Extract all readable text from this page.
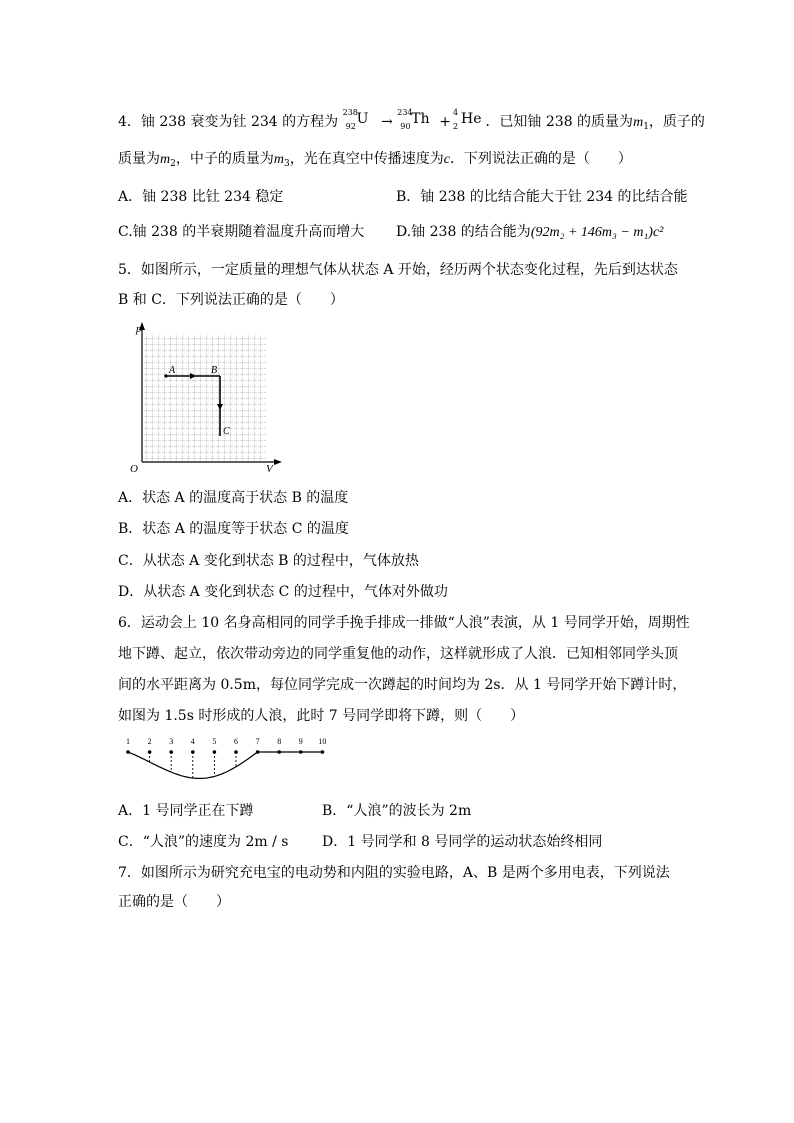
4．铀 238 衰变为钍 234 的方程为
238
92 U →
234
90 Th +
4
2 He ．已知铀 238 的质量为$m_1$，质子的
质量为$m_2$，中子的质量为$m_3$，光在真空中传播速度为c．下列说法正确的是（　　）
A．铀 238 比钍 234 稳定	B．铀 238 的比结合能大于钍 234 的比结合能
C.铀 238 的半衰期随着温度升高而增大 D.铀 238 的结合能为(92m₂ + 146m₃ − m₁)c²
5．如图所示，一定质量的理想气体从状态 A 开始，经历两个状态变化过程，先后到达状态
B 和 C．下列说法正确的是（　　）
p
V
O
A	B
C
A．状态 A 的温度高于状态 B 的温度
B．状态 A 的温度等于状态 C 的温度
C．从状态 A 变化到状态 B 的过程中，气体放热
D．从状态 A 变化到状态 C 的过程中，气体对外做功
6．运动会上 10 名身高相同的同学手挽手排成一排做“人浪”表演，从 1 号同学开始，周期性
地下蹲、起立，依次带动旁边的同学重复他的动作，这样就形成了人浪．已知相邻同学头顶
间的水平距离为 0.5m，每位同学完成一次蹲起的时间均为 2s．从 1 号同学开始下蹲计时，
如图为 1.5s 时形成的人浪，此时 7 号同学即将下蹲，则（　　）
1 2 3 4 5 6 7 8 9 10
A．1 号同学正在下蹲	B．“人浪”的波长为 2m
C．“人浪”的速度为 2m / s D．1 号同学和 8 号同学的运动状态始终相同
7．如图所示为研究充电宝的电动势和内阻的实验电路，A、B 是两个多用电表，下列说法
正确的是（　　）
